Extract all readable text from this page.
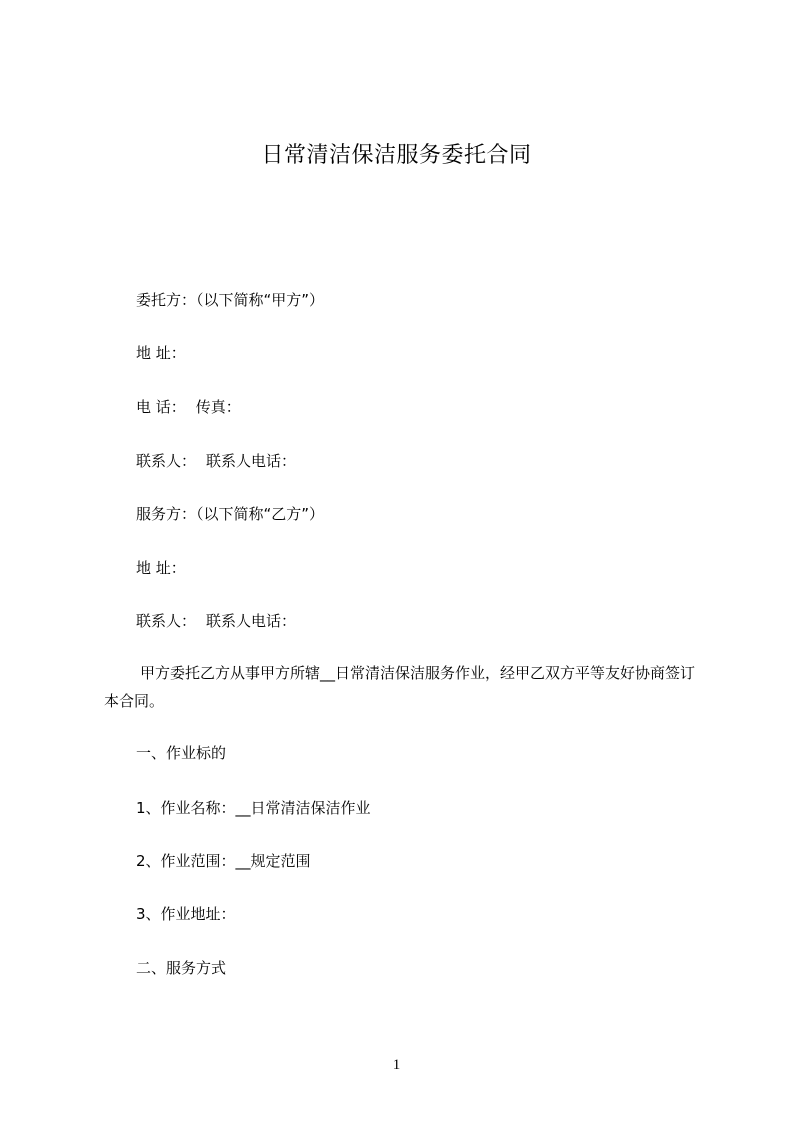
日常清洁保洁服务委托合同
委托方：（以下简称“甲方”）
地 址：
电 话： 传真：
联系人： 联系人电话：
服务方：（以下简称“乙方”）
地 址：
联系人： 联系人电话：
甲方委托乙方从事甲方所辖__日常清洁保洁服务作业，经甲乙双方平等友好协商签订本合同。
一、作业标的
1、作业名称：__日常清洁保洁作业
2、作业范围：__规定范围
3、作业地址：
二、服务方式
1
